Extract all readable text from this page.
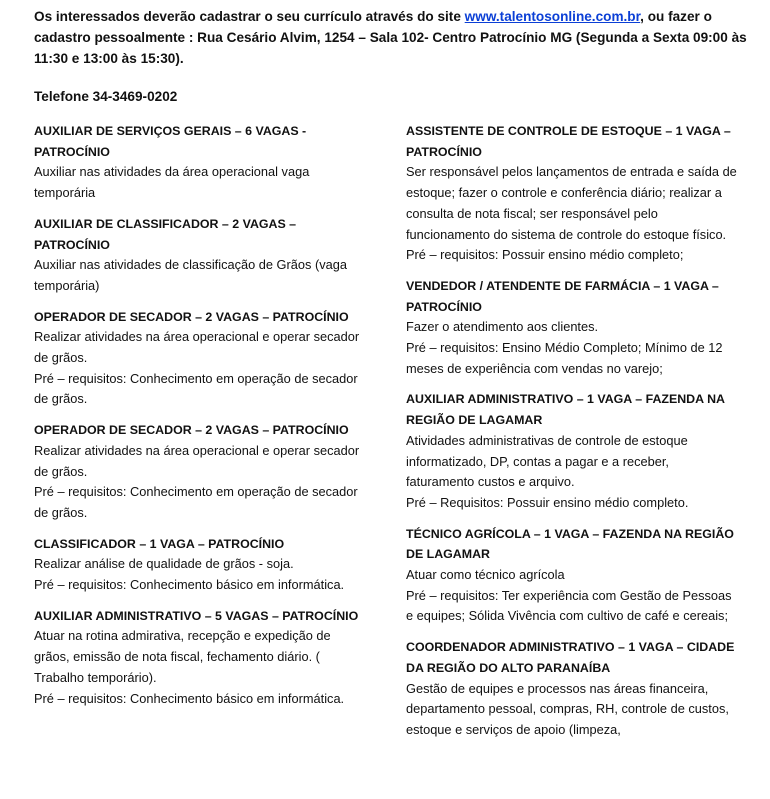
Os interessados deverão cadastrar o seu currículo através do site www.talentosonline.com.br, ou fazer o cadastro pessoalmente : Rua Cesário Alvim, 1254 – Sala 102- Centro Patrocínio MG (Segunda a Sexta 09:00 às 11:30 e 13:00 às 15:30).
Telefone 34-3469-0202
AUXILIAR DE SERVIÇOS GERAIS – 6 VAGAS - PATROCÍNIO
Auxiliar nas atividades da área operacional vaga temporária
AUXILIAR DE CLASSIFICADOR – 2 VAGAS – PATROCÍNIO
Auxiliar nas atividades de classificação de Grãos (vaga temporária)
OPERADOR DE SECADOR – 2 VAGAS – PATROCÍNIO
Realizar atividades na área operacional e operar secador de grãos.
Pré – requisitos: Conhecimento em operação de secador de grãos.
OPERADOR DE SECADOR – 2 VAGAS – PATROCÍNIO
Realizar atividades na área operacional e operar secador de grãos.
Pré – requisitos: Conhecimento em operação de secador de grãos.
CLASSIFICADOR – 1 VAGA – PATROCÍNIO
Realizar análise de qualidade de grãos - soja.
Pré – requisitos: Conhecimento básico em informática.
AUXILIAR ADMINISTRATIVO – 5 VAGAS – PATROCÍNIO
Atuar na rotina admirativa, recepção e expedição de grãos, emissão de nota fiscal, fechamento diário. ( Trabalho temporário).
Pré – requisitos: Conhecimento básico em informática.
ASSISTENTE DE CONTROLE DE ESTOQUE – 1 VAGA – PATROCÍNIO
Ser responsável pelos lançamentos de entrada e saída de estoque; fazer o controle e conferência diário; realizar a consulta de nota fiscal; ser responsável pelo funcionamento do sistema de controle do estoque físico.
Pré – requisitos: Possuir ensino médio completo;
VENDEDOR / ATENDENTE DE FARMÁCIA – 1 VAGA – PATROCÍNIO
Fazer o atendimento aos clientes.
Pré – requisitos: Ensino Médio Completo; Mínimo de 12 meses de experiência com vendas no varejo;
AUXILIAR ADMINISTRATIVO – 1 VAGA – FAZENDA NA REGIÃO DE LAGAMAR
Atividades administrativas de controle de estoque informatizado, DP, contas a pagar e a receber, faturamento custos e arquivo.
Pré – Requisitos: Possuir ensino médio completo.
TÉCNICO AGRÍCOLA – 1 VAGA – FAZENDA NA REGIÃO DE LAGAMAR
Atuar como técnico agrícola
Pré – requisitos: Ter experiência com Gestão de Pessoas e equipes; Sólida Vivência com cultivo de café e cereais;
COORDENADOR ADMINISTRATIVO – 1 VAGA – CIDADE DA REGIÃO DO ALTO PARANAÍBA
Gestão de equipes e processos nas áreas financeira, departamento pessoal, compras, RH, controle de custos, estoque e serviços de apoio (limpeza,
